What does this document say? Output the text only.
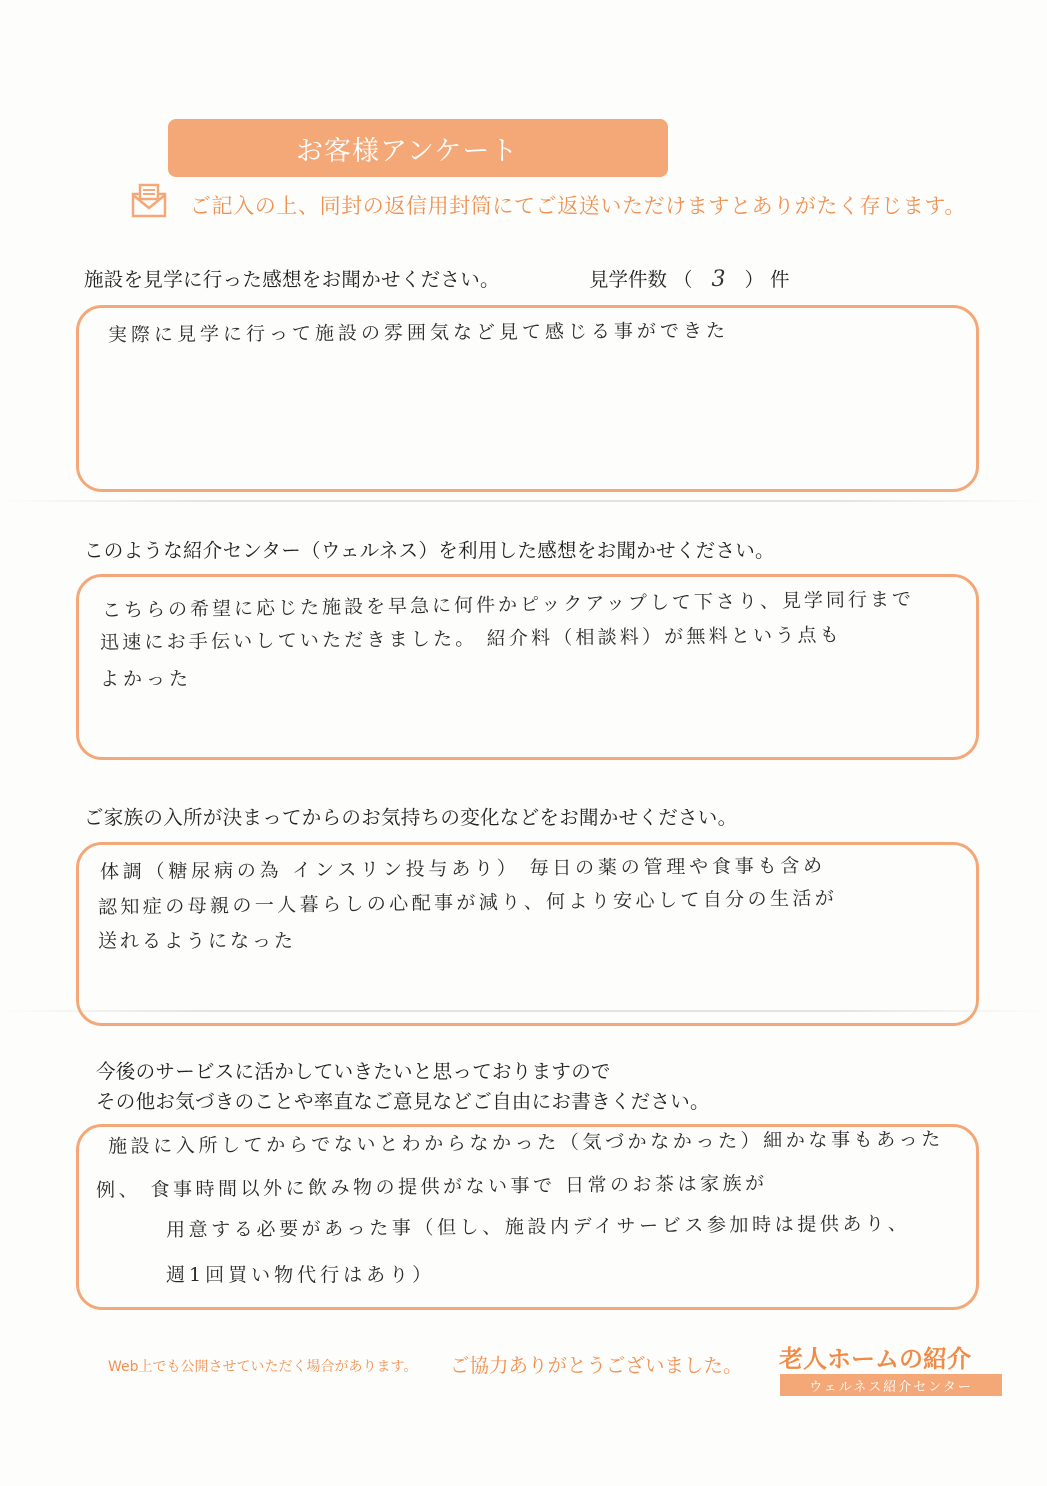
お客様アンケート
ご記入の上、同封の返信用封筒にてご返送いただけますとありがたく存じます。
施設を見学に行った感想をお聞かせください。	見学件数 （ 3 ） 件
実際に見学に行って施設の雰囲気など見て感じる事ができた
このような紹介センター（ウェルネス）を利用した感想をお聞かせください。
こちらの希望に応じた施設を早急に何件かピックアップして下さり、見学同行まで
迅速にお手伝いしていただきました。 紹介料（相談料）が無料という点も
よかった
ご家族の入所が決まってからのお気持ちの変化などをお聞かせください。
体調（糖尿病の為 インスリン投与あり） 毎日の薬の管理や食事も含め
認知症の母親の一人暮らしの心配事が減り、何より安心して自分の生活が
送れるようになった
今後のサービスに活かしていきたいと思っておりますので
その他お気づきのことや率直なご意見などご自由にお書きください。
施設に入所してからでないとわからなかった（気づかなかった）細かな事もあった
例、 食事時間以外に飲み物の提供がない事で 日常のお茶は家族が
用意する必要があった事（但し、施設内デイサービス参加時は提供あり、
週1回買い物代行はあり）
Web上でも公開させていただく場合があります。 ご協力ありがとうございました。 老人ホームの紹介
ウェルネス紹介センター
